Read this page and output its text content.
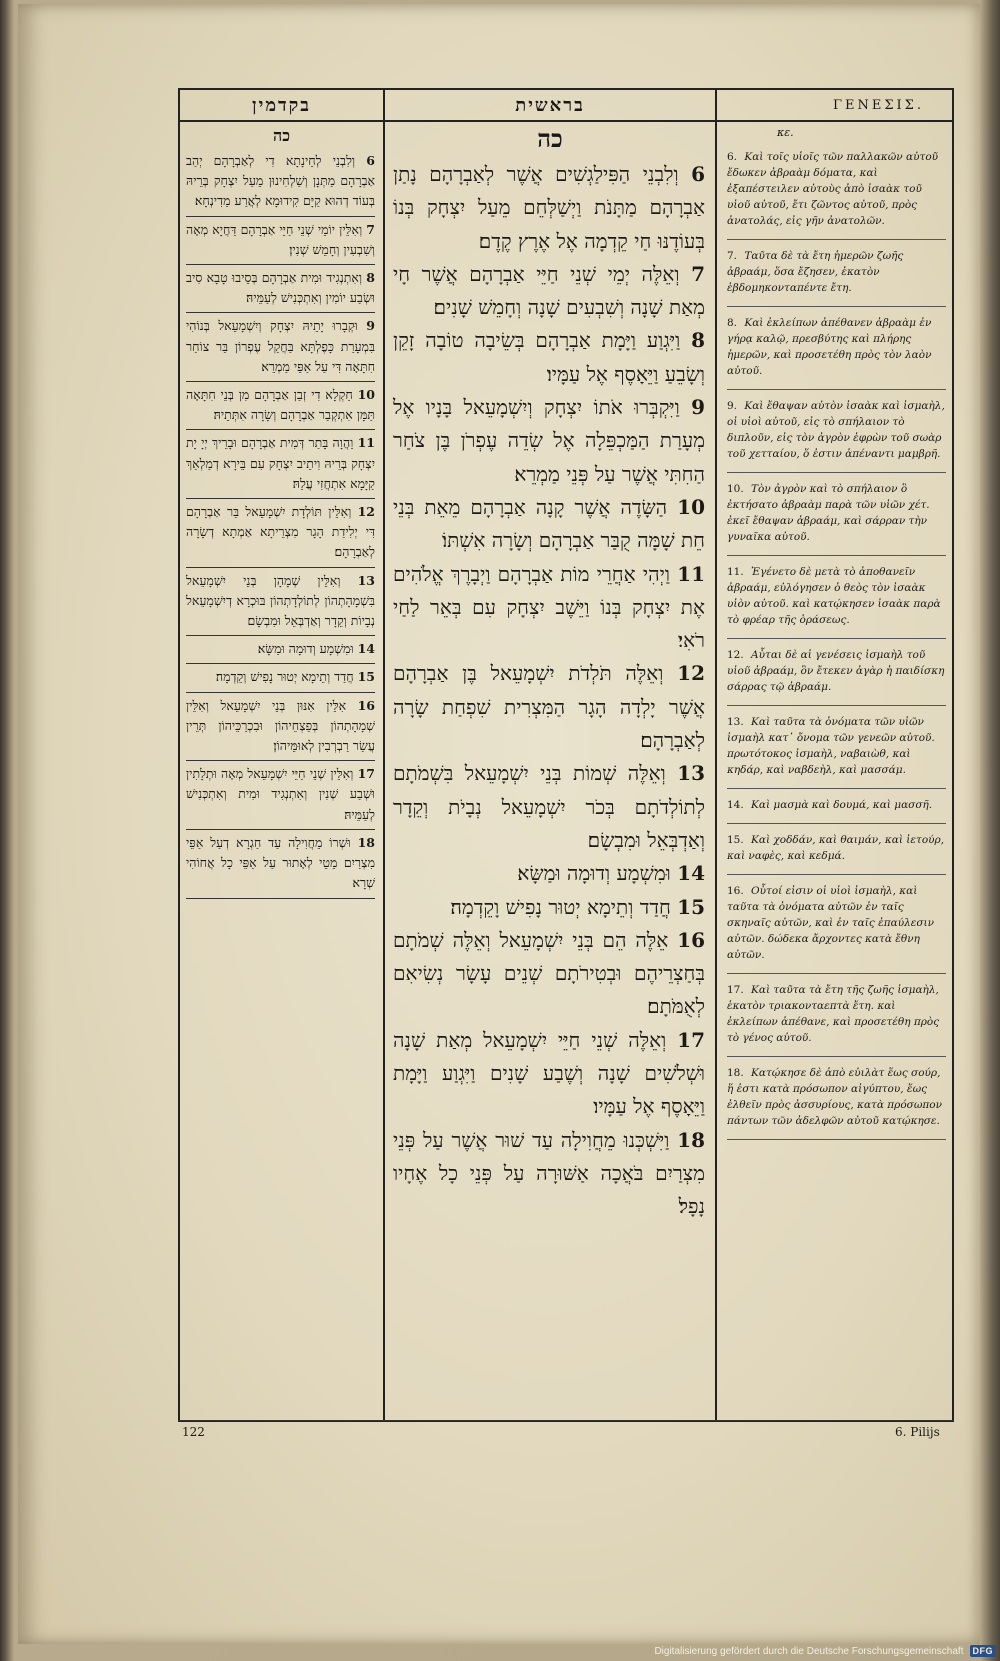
בקדמין
כה
6 וְלִבְנֵי לְחֵינָתָא דִי לְאַבְרָהָם יְהַב אַבְרָהָם מַתְּנָן וְשַׁלְחִינוּן מֵעַל יִצְחָק בְּרֵיהּ בְּעוֹד דְהוּא קַיָּם קִידוּמָא לְאֲרַע מַדִינְחָא׃
7 וְאִלֵּין יוֹמֵי שְׁנֵי חַיֵּי אַבְרָהָם דַּחֲיָא מְאָה וְשִׁבְעִין וְחָמֵשׁ שְׁנִין׃
8 וְאִתְנְגִיד וּמִית אַבְרָהָם בְּסֵיבוּ טָבָא סִיב וּשְׂבַע יוֹמִין וְאִתְכְּנִישׁ לְעַמֵּיהּ׃
9 וּקְבָרוּ יָתֵיהּ יִצְחָק וְיִשְׁמָעֵאל בְּנוֹהִי בִּמְעָרַת כָּפֶלְתָּא בַּחֲקַל עֶפְרוֹן בַּר צוֹחַר חִתָּאָה דִּי עַל אַפֵּי מַמְרֵא׃
10 חַקְלָא דִי זְבַן אַבְרָהָם מִן בְּנֵי חִתָּאָה תַּמָּן אִתְקְבַר אַבְרָהָם וְשָׂרָה אִתְּתֵיהּ׃
11 וַהֲוָה בָּתַר דְּמִית אַבְרָהָם וּבָרֵיךְ יְיָ יָת יִצְחָק בְּרֵיהּ וִיתֵיב יִצְחָק עִם בֵּירָא דְמַלְאַךְ קַיָּמָא אִתְחֲזִי עֲלַהּ׃
12 וְאִלֵּין תּוֹלְדָת יִשְׁמָעֵאל בַּר אַבְרָהָם דִּי יְלִידַת הָגָר מִצְרֵיתָא אַמְתָא דְשָׂרָה לְאַבְרָהָם׃
13 וְאִלֵּין שְׁמָהָן בְּנֵי יִשְׁמָעֵאל בִּשְׁמָהָתְהוֹן לְתוֹלְדָתְהוֹן בּוּכְרָא דְיִשְׁמָעֵאל נְבָיוֹת וְקֵדָר וְאַדְבְּאֵל וּמִבְשָׂם׃
14 וּמִשְׁמָע וְדוּמָה וּמַשָּׂא׃
15 חֲדַד וְתֵימָא יְטוּר נָפִישׁ וְקֵדְמָה׃
16 אִלֵּין אִנּוּן בְּנֵי יִשְׁמָעֵאל וְאִלֵּין שְׁמָהָתְהוֹן בְּפַצְחֵיהוֹן וּבִכְרַכֵּיהוֹן תְּרֵין עֲשַׂר רַבְרְבִין לְאוּמֵּיהוֹן׃
17 וְאִלֵּין שְׁנֵי חַיֵּי יִשְׁמָעֵאל מְאָה וּתְלָתִין וּשְׁבַע שְׁנִין וְאִתְנְגִיד וּמִית וְאִתְכְּנִישׁ לְעַמֵּיהּ׃
18 וּשְׁרוֹ מֵחֲוִילָה עַד חַגְרָא דְעַל אַפֵּי מִצְרַיִם מֵטֵי לְאָתוּר עַל אַפֵּי כָל אֲחוֹהִי שְׁרָא׃
בראשית
כה
6 וְלִבְנֵי הַפִּילַגְשִׁים אֲשֶׁר לְאַבְרָהָם נָתַן אַבְרָהָם מַתָּנֹת וַיְשַׁלְּחֵם מֵעַל יִצְחָק בְּנוֹ בְּעוֹדֶנּוּ חַי קֵדְמָה אֶל אֶרֶץ קֶדֶם׃
7 וְאֵלֶּה יְמֵי שְׁנֵי חַיֵּי אַבְרָהָם אֲשֶׁר חָי מְאַת שָׁנָה וְשִׁבְעִים שָׁנָה וְחָמֵשׁ שָׁנִים׃
8 וַיִּגְוַע וַיָּמָת אַבְרָהָם בְּשֵׂיבָה טוֹבָה זָקֵן וְשָׂבֵעַ וַיֵּאָסֶף אֶל עַמָּיו׃
9 וַיִּקְבְּרוּ אֹתוֹ יִצְחָק וְיִשְׁמָעֵאל בָּנָיו אֶל מְעָרַת הַמַּכְפֵּלָה אֶל שְׂדֵה עֶפְרֹן בֶּן צֹחַר הַחִתִּי אֲשֶׁר עַל פְּנֵי מַמְרֵא׃
10 הַשָּׂדֶה אֲשֶׁר קָנָה אַבְרָהָם מֵאֵת בְּנֵי חֵת שָׁמָּה קֻבַּר אַבְרָהָם וְשָׂרָה אִשְׁתּוֹ׃
11 וַיְהִי אַחֲרֵי מוֹת אַבְרָהָם וַיְבָרֶךְ אֱלֹהִים אֶת יִצְחָק בְּנוֹ וַיֵּשֶׁב יִצְחָק עִם בְּאֵר לַחַי רֹאִי׃
12 וְאֵלֶּה תֹּלְדֹת יִשְׁמָעֵאל בֶּן אַבְרָהָם אֲשֶׁר יָלְדָה הָגָר הַמִּצְרִית שִׁפְחַת שָׂרָה לְאַבְרָהָם׃
13 וְאֵלֶּה שְׁמוֹת בְּנֵי יִשְׁמָעֵאל בִּשְׁמֹתָם לְתוֹלְדֹתָם בְּכֹר יִשְׁמָעֵאל נְבָיֹת וְקֵדָר וְאַדְבְּאֵל וּמִבְשָׂם׃
14 וּמִשְׁמָע וְדוּמָה וּמַשָּׂא׃
15 חֲדַד וְתֵימָא יְטוּר נָפִישׁ וָקֵדְמָה׃
16 אֵלֶּה הֵם בְּנֵי יִשְׁמָעֵאל וְאֵלֶּה שְׁמֹתָם בְּחַצְרֵיהֶם וּבְטִירֹתָם שְׁנֵים עָשָׂר נְשִׂיאִם לְאֻמֹּתָם׃
17 וְאֵלֶּה שְׁנֵי חַיֵּי יִשְׁמָעֵאל מְאַת שָׁנָה וּשְׁלֹשִׁים שָׁנָה וְשֶׁבַע שָׁנִים וַיִּגְוַע וַיָּמָת וַיֵּאָסֶף אֶל עַמָּיו׃
18 וַיִּשְׁכְּנוּ מֵחֲוִילָה עַד שׁוּר אֲשֶׁר עַל פְּנֵי מִצְרַיִם בֹּאֲכָה אַשּׁוּרָה עַל פְּנֵי כָל אֶחָיו נָפָל׃
ΓΕΝΕΣΙΣ.
κε.
6. Καὶ τοῖς υἱοῖς τῶν παλλακῶν αὐτοῦ ἔδωκεν ἀβραὰμ δόματα, καὶ ἐξαπέστειλεν αὐτοὺς ἀπὸ ἰσαὰκ τοῦ υἱοῦ αὐτοῦ, ἔτι ζῶντος αὐτοῦ, πρὸς ἀνατολάς, εἰς γῆν ἀνατολῶν.
7. Ταῦτα δὲ τὰ ἔτη ἡμερῶν ζωῆς ἀβραάμ, ὅσα ἔζησεν, ἑκατὸν ἑβδομηκονταπέντε ἔτη.
8. Καὶ ἐκλείπων ἀπέθανεν ἀβραὰμ ἐν γήρᾳ καλῷ, πρεσβύτης καὶ πλήρης ἡμερῶν, καὶ προσετέθη πρὸς τὸν λαὸν αὐτοῦ.
9. Καὶ ἔθαψαν αὐτὸν ἰσαὰκ καὶ ἰσμαὴλ, οἱ υἱοὶ αὐτοῦ, εἰς τὸ σπήλαιον τὸ διπλοῦν, εἰς τὸν ἀγρὸν ἐφρὼν τοῦ σωὰρ τοῦ χετταίου, ὅ ἐστιν ἀπέναντι μαμβρῆ.
10. Τὸν ἀγρὸν καὶ τὸ σπήλαιον ὃ ἐκτήσατο ἀβραὰμ παρὰ τῶν υἱῶν χέτ. ἐκεῖ ἔθαψαν ἀβραάμ, καὶ σάρραν τὴν γυναῖκα αὐτοῦ.
11. Ἐγένετο δὲ μετὰ τὸ ἀποθανεῖν ἀβραάμ, εὐλόγησεν ὁ θεὸς τὸν ἰσαὰκ υἱὸν αὐτοῦ. καὶ κατῴκησεν ἰσαὰκ παρὰ τὸ φρέαρ τῆς ὁράσεως.
12. Αὗται δὲ αἱ γενέσεις ἰσμαὴλ τοῦ υἱοῦ ἀβραάμ, ὃν ἔτεκεν ἀγὰρ ἡ παιδίσκη σάρρας τῷ ἀβραάμ.
13. Καὶ ταῦτα τὰ ὀνόματα τῶν υἱῶν ἰσμαὴλ κατ᾽ ὄνομα τῶν γενεῶν αὐτοῦ. πρωτότοκος ἰσμαὴλ, ναβαιὼθ, καὶ κηδάρ, καὶ ναβδεὴλ, καὶ μασσάμ.
14. Καὶ μασμὰ καὶ δουμά, καὶ μασσῆ.
15. Καὶ χοδδάν, καὶ θαιμάν, καὶ ἰετούρ, καὶ ναφὲς, καὶ κεδμά.
16. Οὗτοί εἰσιν οἱ υἱοὶ ἰσμαὴλ, καὶ ταῦτα τὰ ὀνόματα αὐτῶν ἐν ταῖς σκηναῖς αὐτῶν, καὶ ἐν ταῖς ἐπαύλεσιν αὐτῶν. δώδεκα ἄρχοντες κατὰ ἔθνη αὐτῶν.
17. Καὶ ταῦτα τὰ ἔτη τῆς ζωῆς ἰσμαὴλ, ἑκατὸν τριακονταεπτὰ ἔτη. καὶ ἐκλείπων ἀπέθανε, καὶ προσετέθη πρὸς τὸ γένος αὐτοῦ.
18. Κατῴκησε δὲ ἀπὸ εὐιλὰτ ἕως σούρ, ἥ ἐστι κατὰ πρόσωπον αἰγύπτου, ἕως ἐλθεῖν πρὸς ἀσσυρίους, κατὰ πρόσωπον πάντων τῶν ἀδελφῶν αὐτοῦ κατῴκησε.
122	6. Pilijs
Digitalisierung gefördert durch die Deutsche Forschungsgemeinschaft	DFG
